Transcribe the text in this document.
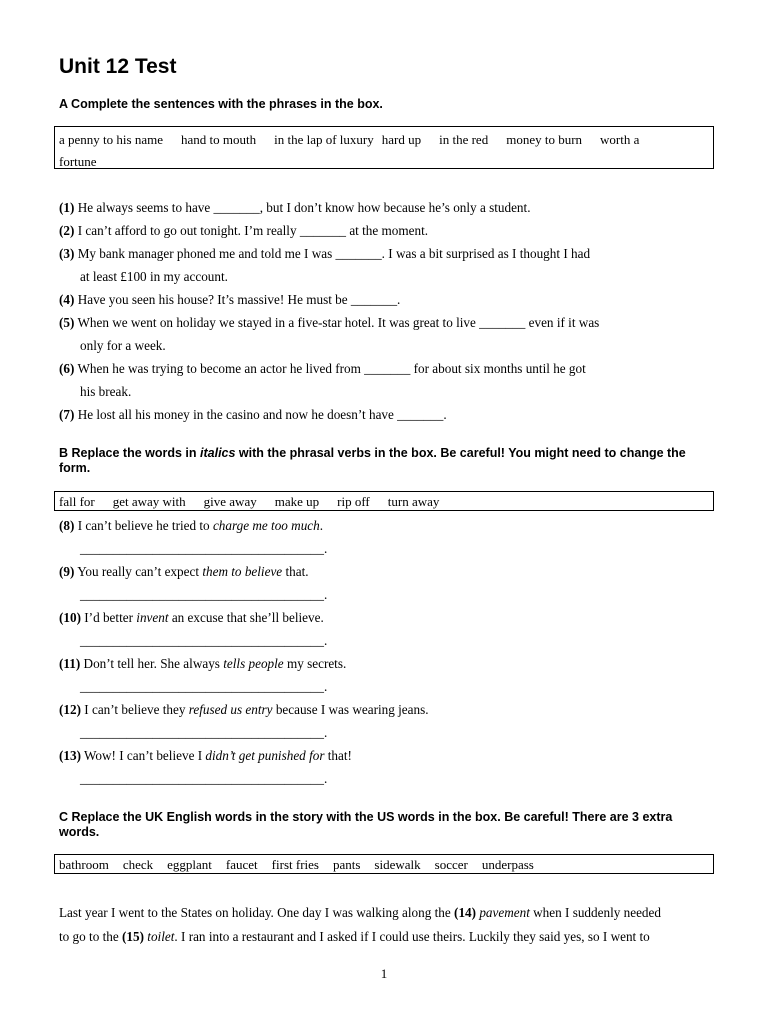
Unit 12 Test
A Complete the sentences with the phrases in the box.
a penny to his name hand to mouth in the lap of luxury hard up in the red money to burn worth a
fortune
(1) He always seems to have _______, but I don’t know how because he’s only a student.
(2) I can’t afford to go out tonight. I’m really _______ at the moment.
(3) My bank manager phoned me and told me I was _______. I was a bit surprised as I thought I had
at least £100 in my account.
(4) Have you seen his house? It’s massive! He must be _______.
(5) When we went on holiday we stayed in a five-star hotel. It was great to live _______ even if it was
only for a week.
(6) When he was trying to become an actor he lived from _______ for about six months until he got
his break.
(7) He lost all his money in the casino and now he doesn’t have _______.
B Replace the words in italics with the phrasal verbs in the box. Be careful! You might need to change the form.
fall for get away with give away make up rip off turn away
(8) I can’t believe he tried to charge me too much.
_____________________________________.
(9) You really can’t expect them to believe that.
_____________________________________.
(10) I’d better invent an excuse that she’ll believe.
_____________________________________.
(11) Don’t tell her. She always tells people my secrets.
_____________________________________.
(12) I can’t believe they refused us entry because I was wearing jeans.
_____________________________________.
(13) Wow! I can’t believe I didn’t get punished for that!
_____________________________________.
C Replace the UK English words in the story with the US words in the box. Be careful! There are 3 extra words.
bathroom check eggplant faucet first fries pants sidewalk soccer underpass
Last year I went to the States on holiday. One day I was walking along the (14) pavement when I suddenly needed
to go to the (15) toilet. I ran into a restaurant and I asked if I could use theirs. Luckily they said yes, so I went to
1
